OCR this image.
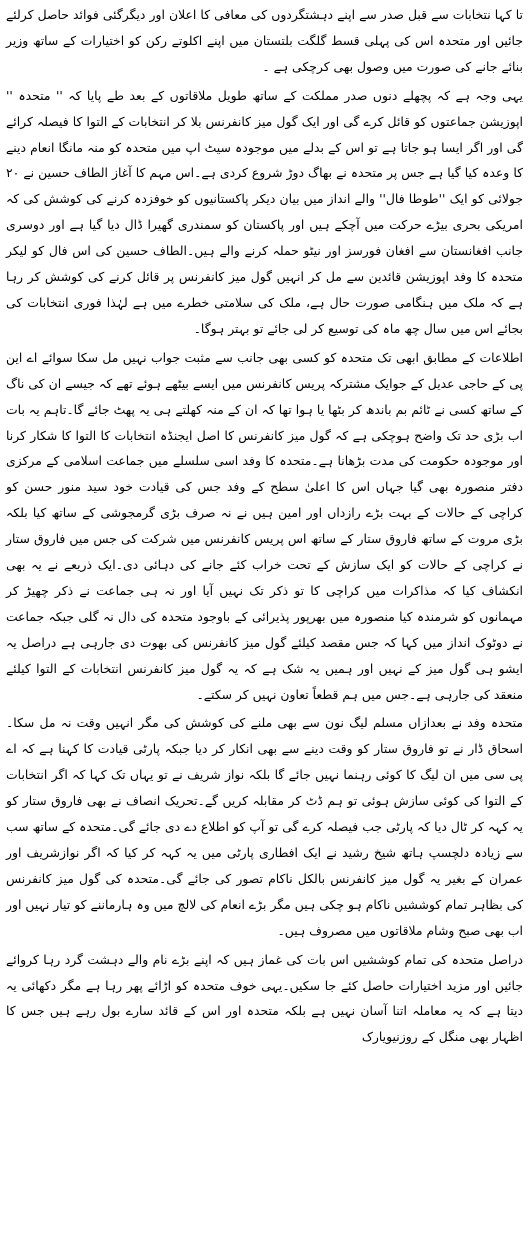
تا کہا نتخابات سے قبل صدر سے اپنے دہشتگردوں کی معافی کا اعلان اور دیگرگئی فوائد حاصل کرلئے جائیں اور متحدہ اس کی پہلی قسط گلگت بلتستان میں اپنے اکلوتے رکن کو اختیارات کے ساتھ وزیر بنائے جانے کی صورت میں وصول بھی کرچکی ہے ۔

یہی وجہ ہے کہ پچھلے دنوں صدر مملکت کے ساتھ طویل ملاقاتوں کے بعد طے پایا کہ '' متحدہ '' اپوزیشن جماعتوں کو قائل کرے گی اور ایک گول میز کانفرنس بلا کر انتخابات کے التوا کا فیصلہ کرائے گی اور اگر ایسا ہو جاتا ہے تو اس کے بدلے میں موجودہ سیٹ اپ میں متحدہ کو منہ مانگا انعام دینے کا وعدہ کیا گیا ہے جس پر متحدہ نے بھاگ دوڑ شروع کردی ہے۔اس مہم کا آغاز الطاف حسین نے ۲۰ جولائی کو ایک ''طوطا فال'' والے انداز میں بیان دیکر پاکستانیوں کو خوفزدہ کرنے کی کوشش کی کہ امریکی بحری بیڑے حرکت میں آچکے ہیں اور پاکستان کو سمندری گھیرا ڈال دیا گیا ہے اور دوسری جانب افغانستان سے افغان فورسز اور نیٹو حملہ کرنے والے ہیں۔الطاف حسین کی اس فال کو لیکر متحدہ کا وفد اپوزیشن قائدین سے مل کر انہیں گول میز کانفرنس پر قائل کرنے کی کوشش کر رہا ہے کہ ملک میں ہنگامی صورت حال ہے، ملک کی سلامتی خطرے میں ہے لہٰذا فوری انتخابات کی بجائے اس میں سال چھ ماہ کی توسیع کر لی جائے تو بہتر ہوگا۔

اطلاعات کے مطابق ابھی تک متحدہ کو کسی بھی جانب سے مثبت جواب نہیں مل سکا سوائے اے این پی کے حاجی عدیل کے جوایک مشترکہ پریس کانفرنس میں ایسے بیٹھے ہوئے تھے کہ جیسے ان کی ناگ کے ساتھ کسی نے ٹائم بم باندھ کر بٹھا یا ہوا تھا کہ ان کے منہ کھلتے ہی یہ پھٹ جائے گا۔تاہم یہ بات اب بڑی حد تک واضح ہوچکی ہے کہ گول میز کانفرنس کا اصل ایجنڈہ انتخابات کا التوا کا شکار کرنا اور موجودہ حکومت کی مدت بڑھانا ہے۔متحدہ کا وفد اسی سلسلے میں جماعت اسلامی کے مرکزی دفتر منصورہ بھی گیا جہاں اس کا اعلیٰ سطح کے وفد جس کی قیادت خود سید منور حسن کو کراچی کے حالات کے بہت بڑے رازداں اور امین ہیں نے نہ صرف بڑی گرمجوشی کے ساتھ کیا بلکہ بڑی مروت کے ساتھ فاروق ستار کے ساتھ اس پریس کانفرنس میں شرکت کی جس میں فاروق ستار نے کراچی کے حالات کو ایک سازش کے تحت خراب کئے جانے کی دہائی دی۔ایک ذریعے نے یہ بھی انکشاف کیا کہ مذاکرات میں کراچی کا تو ذکر تک نہیں آیا اور نہ ہی جماعت نے ذکر چھیڑ کر مہمانوں کو شرمندہ کیا منصورہ میں بھرپور پذیرائی کے باوجود متحدہ کی دال نہ گلی جبکہ جماعت نے دوٹوک انداز میں کہا کہ جس مقصد کیلئے گول میز کانفرنس کی بھوت دی جارہی ہے دراصل یہ ایشو ہی گول میز کے نہیں اور ہمیں یہ شک ہے کہ یہ گول میز کانفرنس انتخابات کے التوا کیلئے منعقد کی جارہی ہے۔جس میں ہم قطعاً تعاون نہیں کر سکتے۔

متحدہ وفد نے بعدازاں مسلم لیگ نون سے بھی ملنے کی کوشش کی مگر انہیں وقت نہ مل سکا۔اسحاق ڈار نے تو فاروق ستار کو وقت دینے سے بھی انکار کر دیا جبکہ پارٹی قیادت کا کہنا ہے کہ اے پی سی میں ان لیگ کا کوئی رہنما نہیں جائے گا بلکہ نواز شریف نے تو یہاں تک کہا کہ اگر انتخابات کے التوا کی کوئی سازش ہوئی تو ہم ڈٹ کر مقابلہ کریں گے۔تحریک انصاف نے بھی فاروق ستار کو یہ کہہ کر ٹال دیا کہ پارٹی جب فیصلہ کرے گی تو آپ کو اطلاع دے دی جائے گی۔متحدہ کے ساتھ سب سے زیادہ دلچسپ ہاتھ شیخ رشید نے ایک افطاری پارٹی میں یہ کہہ کر کیا کہ اگر نوازشریف اور عمران کے بغیر یہ گول میز کانفرنس بالکل ناکام تصور کی جائے گی۔متحدہ کی گول میز کانفرنس کی بظاہر تمام کوششیں ناکام ہو چکی ہیں مگر بڑے انعام کی لالچ میں وہ ہارماننے کو تیار نہیں اور اب بھی صبح وشام ملاقاتوں میں مصروف ہیں۔

دراصل متحدہ کی تمام کوششیں اس بات کی غماز ہیں کہ اپنے بڑے نام والے دہشت گرد رہا کروائے جائیں اور مزید اختیارات حاصل کئے جا سکیں۔یہی خوف متحدہ کو اڑائے پھر رہا ہے مگر دکھائی یہ دیتا ہے کہ یہ معاملہ اتنا آسان نہیں ہے بلکہ متحدہ اور اس کے قائد سارے بول رہے ہیں جس کا اظہار بھی منگل کے روزنیویارک
